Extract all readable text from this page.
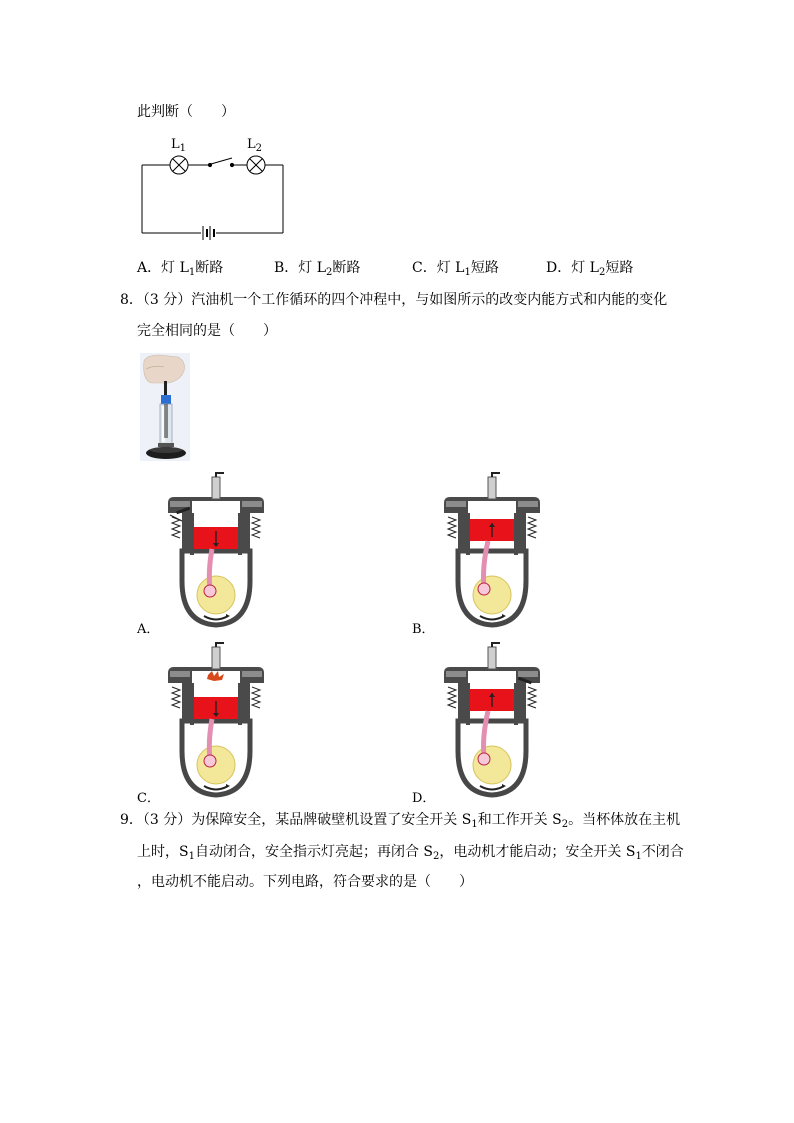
此判断（　　）
$L_1$	$L_2$
A．灯 $L_1$断路	B．灯 $L_2$断路	C．灯 $L_1$短路	D．灯 $L_2$短路
8．（3 分）汽油机一个工作循环的四个冲程中，与如图所示的改变内能方式和内能的变化
完全相同的是（　　）
A．	B．
C．	D．
9．（3 分）为保障安全，某品牌破壁机设置了安全开关 $S_1$和工作开关 $S_2$。当杯体放在主机
上时，$S_1$自动闭合，安全指示灯亮起；再闭合 $S_2$，电动机才能启动；安全开关 $S_1$不闭合
，电动机不能启动。下列电路，符合要求的是（　　）
